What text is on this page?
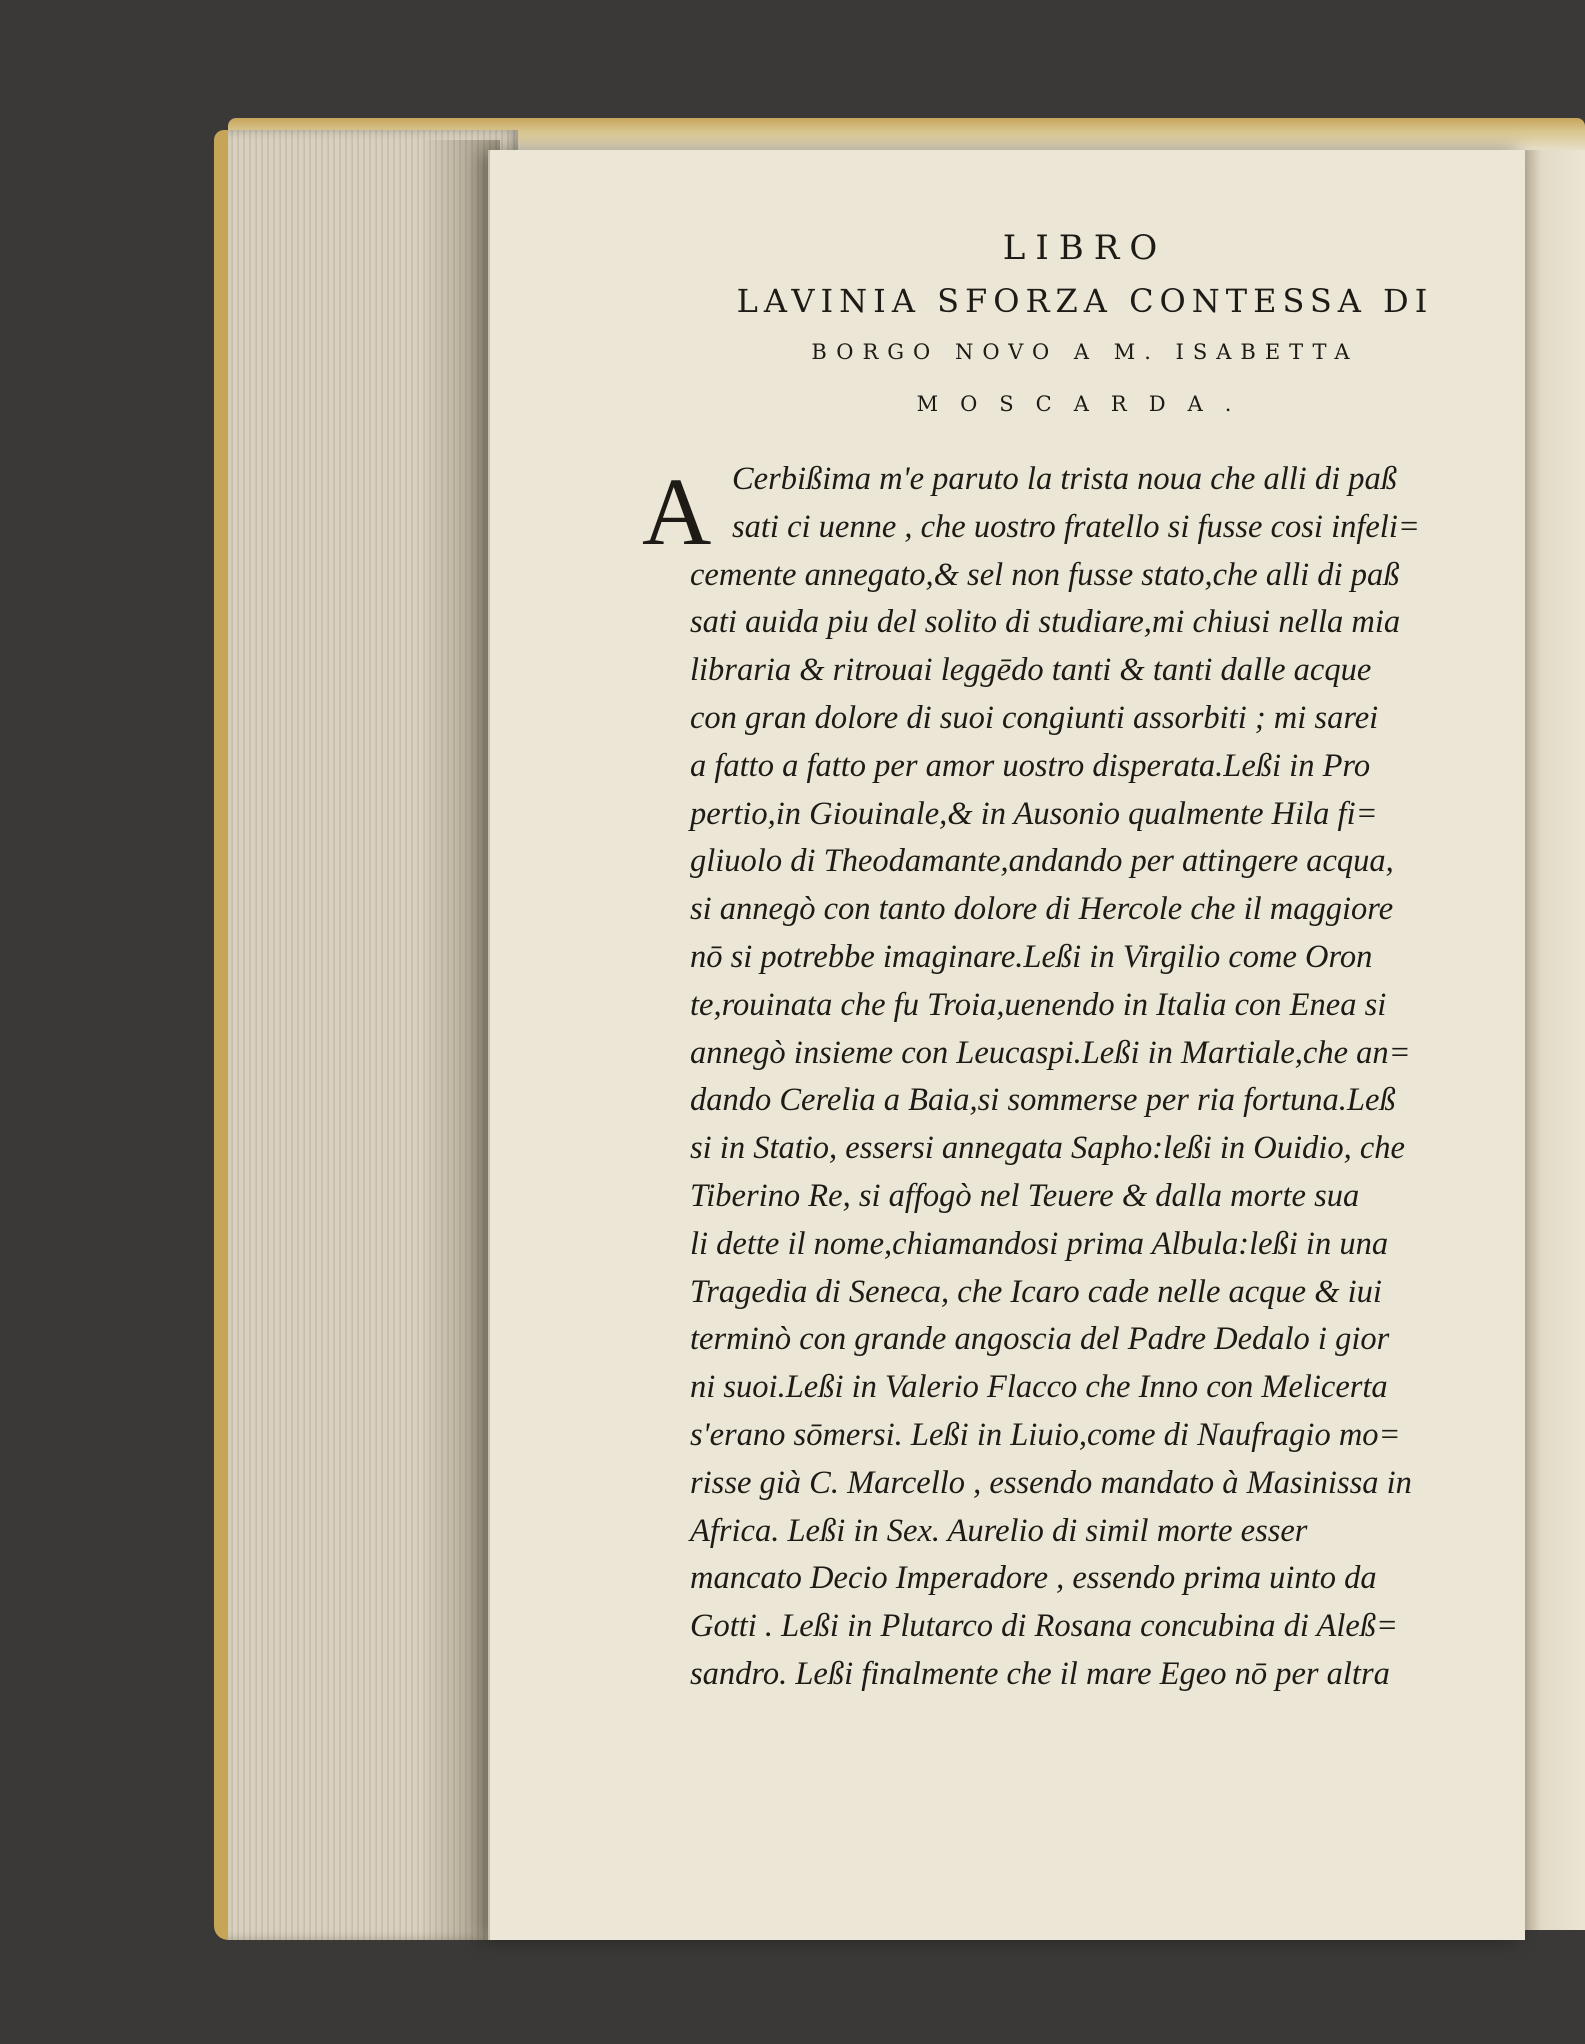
LIBRO

LAVINIA SFORZA CONTESSA DI

BORGO NOVO A M. ISABETTA

MOSCARDA.

A Cerbißima m'e paruto la trista noua che alli di paß

sati ci uenne , che uostro fratello si fusse cosi infeli=

cemente annegato,& sel non fusse stato,che alli di paß

sati auida piu del solito di studiare,mi chiusi nella mia

libraria & ritrouai leggēdo tanti & tanti dalle acque

con gran dolore di suoi congiunti assorbiti ; mi sarei

a fatto a fatto per amor uostro disperata.Leßi in Pro

pertio,in Giouinale,& in Ausonio qualmente Hila fi=

gliuolo di Theodamante,andando per attingere acqua,

si annegò con tanto dolore di Hercole che il maggiore

nō si potrebbe imaginare.Leßi in Virgilio come Oron

te,rouinata che fu Troia,uenendo in Italia con Enea si

annegò insieme con Leucaspi.Leßi in Martiale,che an=

dando Cerelia a Baia,si sommerse per ria fortuna.Leß

si in Statio, essersi annegata Sapho:leßi in Ouidio, che

Tiberino Re, si affogò nel Teuere & dalla morte sua

li dette il nome,chiamandosi prima Albula:leßi in una

Tragedia di Seneca, che Icaro cade nelle acque & iui

terminò con grande angoscia del Padre Dedalo i gior

ni suoi.Leßi in Valerio Flacco che Inno con Melicerta

s'erano sōmersi. Leßi in Liuio,come di Naufragio mo=

risse già C. Marcello , essendo mandato à Masinissa in

Africa. Leßi in Sex. Aurelio di simil morte esser

mancato Decio Imperadore , essendo prima uinto da

Gotti . Leßi in Plutarco di Rosana concubina di Aleß=

sandro. Leßi finalmente che il mare Egeo nō per altra
